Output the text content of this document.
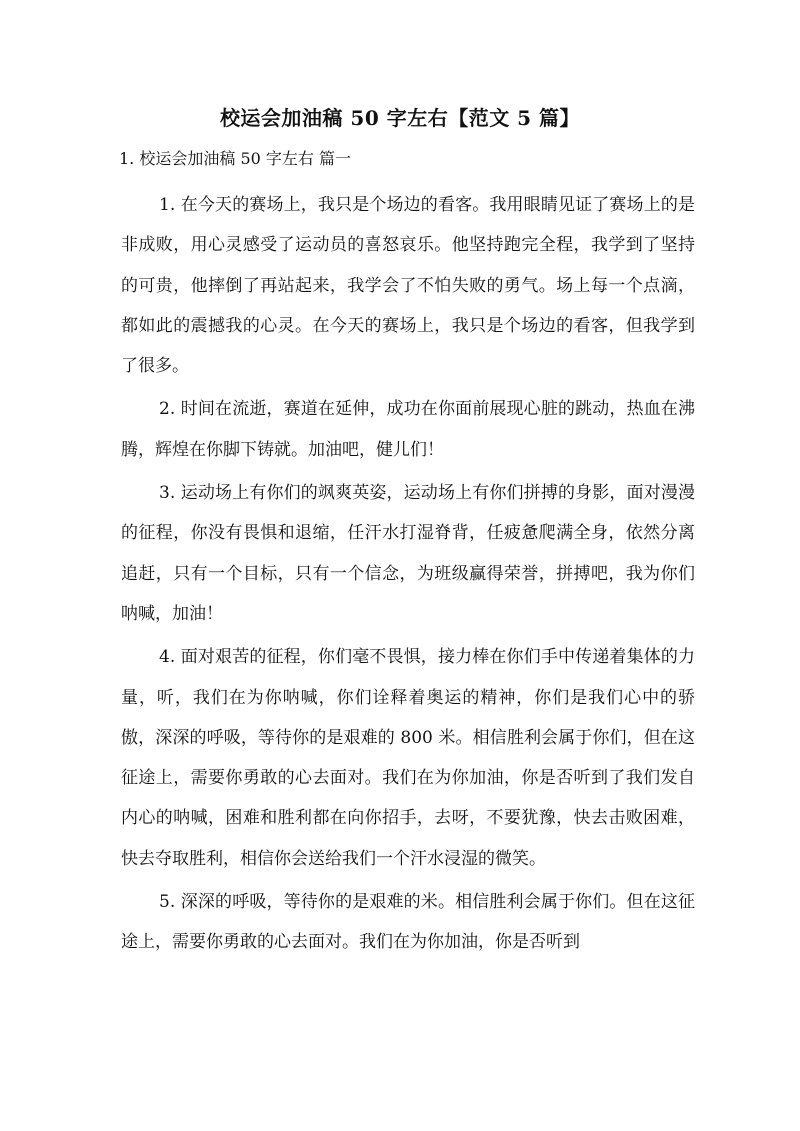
校运会加油稿 50 字左右【范文 5 篇】
1. 校运会加油稿 50 字左右 篇一

1. 在今天的赛场上，我只是个场边的看客。我用眼睛见证了赛场上的是非成败，用心灵感受了运动员的喜怒哀乐。他坚持跑完全程，我学到了坚持的可贵，他摔倒了再站起来，我学会了不怕失败的勇气。场上每一个点滴，都如此的震撼我的心灵。在今天的赛场上，我只是个场边的看客，但我学到了很多。

2. 时间在流逝，赛道在延伸，成功在你面前展现心脏的跳动，热血在沸腾，辉煌在你脚下铸就。加油吧，健儿们！

3. 运动场上有你们的飒爽英姿，运动场上有你们拼搏的身影，面对漫漫的征程，你没有畏惧和退缩，任汗水打湿脊背，任疲惫爬满全身，依然分离追赶，只有一个目标，只有一个信念，为班级赢得荣誉，拼搏吧，我为你们呐喊，加油！

4. 面对艰苦的征程，你们毫不畏惧，接力棒在你们手中传递着集体的力量，听，我们在为你呐喊，你们诠释着奥运的精神，你们是我们心中的骄傲，深深的呼吸，等待你的是艰难的 800 米。相信胜利会属于你们，但在这征途上，需要你勇敢的心去面对。我们在为你加油，你是否听到了我们发自内心的呐喊，困难和胜利都在向你招手，去呀，不要犹豫，快去击败困难，快去夺取胜利，相信你会送给我们一个汗水浸湿的微笑。

5. 深深的呼吸，等待你的是艰难的米。相信胜利会属于你们。但在这征途上，需要你勇敢的心去面对。我们在为你加油，你是否听到
